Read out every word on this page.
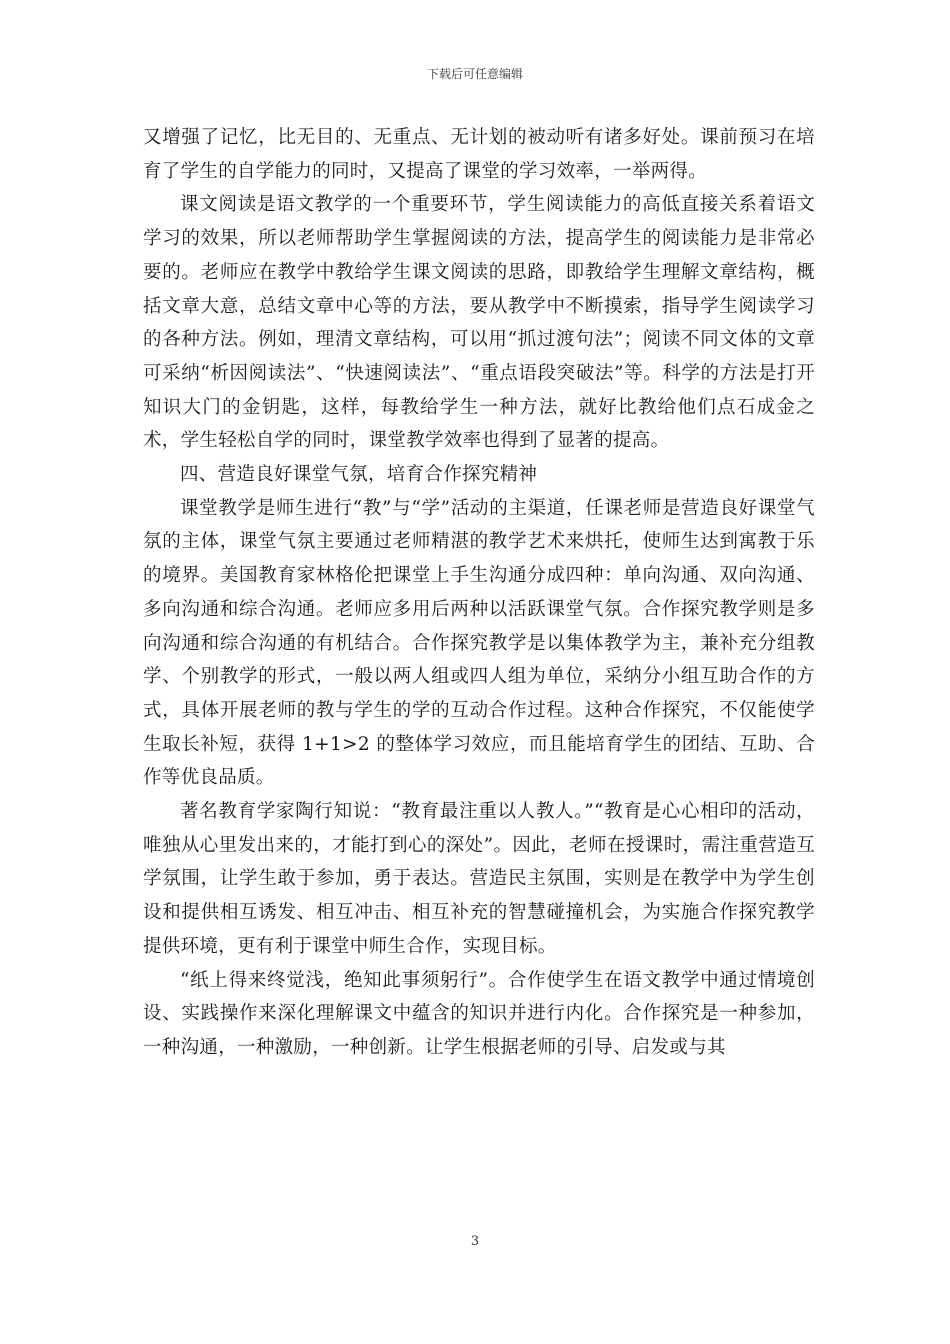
下载后可任意编辑

又增强了记忆，比无目的、无重点、无计划的被动听有诸多好处。课前预习在培育了学生的自学能力的同时，又提高了课堂的学习效率，一举两得。

课文阅读是语文教学的一个重要环节，学生阅读能力的高低直接关系着语文学习的效果，所以老师帮助学生掌握阅读的方法，提高学生的阅读能力是非常必要的。老师应在教学中教给学生课文阅读的思路，即教给学生理解文章结构，概括文章大意，总结文章中心等的方法，要从教学中不断摸索，指导学生阅读学习的各种方法。例如，理清文章结构，可以用“抓过渡句法”；阅读不同文体的文章可采纳“析因阅读法”、“快速阅读法”、“重点语段突破法”等。科学的方法是打开知识大门的金钥匙，这样，每教给学生一种方法，就好比教给他们点石成金之术，学生轻松自学的同时，课堂教学效率也得到了显著的提高。

四、营造良好课堂气氛，培育合作探究精神

课堂教学是师生进行“教”与“学”活动的主渠道，任课老师是营造良好课堂气氛的主体，课堂气氛主要通过老师精湛的教学艺术来烘托，使师生达到寓教于乐的境界。美国教育家林格伦把课堂上手生沟通分成四种：单向沟通、双向沟通、多向沟通和综合沟通。老师应多用后两种以活跃课堂气氛。合作探究教学则是多向沟通和综合沟通的有机结合。合作探究教学是以集体教学为主，兼补充分组教学、个别教学的形式，一般以两人组或四人组为单位，采纳分小组互助合作的方式，具体开展老师的教与学生的学的互动合作过程。这种合作探究，不仅能使学生取长补短，获得 1+1>2 的整体学习效应，而且能培育学生的团结、互助、合作等优良品质。

著名教育学家陶行知说：“教育最注重以人教人。”“教育是心心相印的活动，唯独从心里发出来的，才能打到心的深处”。因此，老师在授课时，需注重营造互学氛围，让学生敢于参加，勇于表达。营造民主氛围，实则是在教学中为学生创设和提供相互诱发、相互冲击、相互补充的智慧碰撞机会，为实施合作探究教学提供环境，更有利于课堂中师生合作，实现目标。

“纸上得来终觉浅，绝知此事须躬行”。合作使学生在语文教学中通过情境创设、实践操作来深化理解课文中蕴含的知识并进行内化。合作探究是一种参加，一种沟通，一种激励，一种创新。让学生根据老师的引导、启发或与其

3
